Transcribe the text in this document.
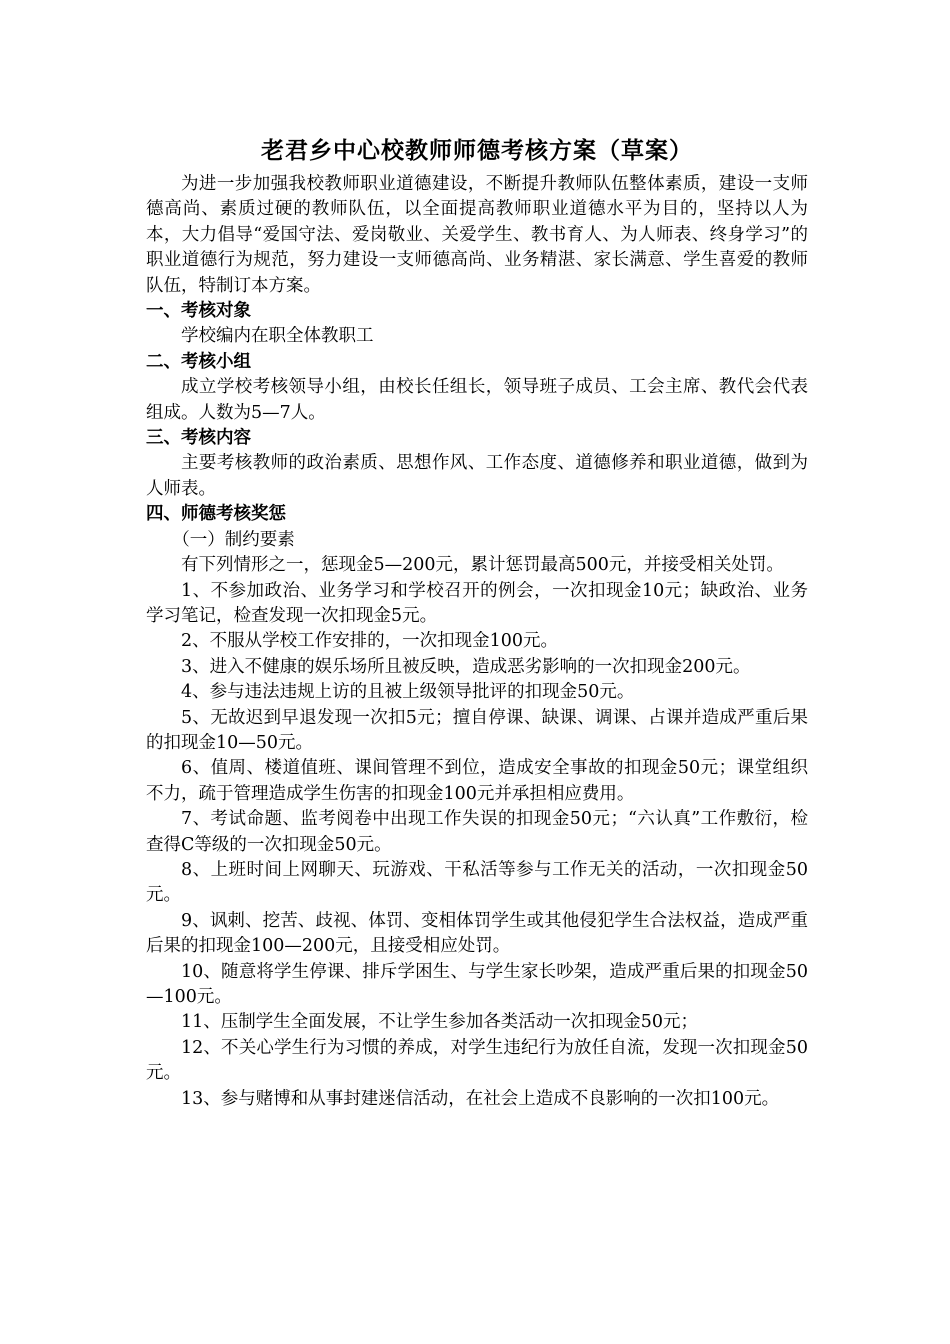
老君乡中心校教师师德考核方案（草案）

为进一步加强我校教师职业道德建设，不断提升教师队伍整体素质，建设一支师德高尚、素质过硬的教师队伍，以全面提高教师职业道德水平为目的，坚持以人为本，大力倡导“爱国守法、爱岗敬业、关爱学生、教书育人、为人师表、终身学习”的职业道德行为规范，努力建设一支师德高尚、业务精湛、家长满意、学生喜爱的教师队伍，特制订本方案。

一、考核对象

学校编内在职全体教职工

二、考核小组

成立学校考核领导小组，由校长任组长，领导班子成员、工会主席、教代会代表组成。人数为5—7人。

三、考核内容

主要考核教师的政治素质、思想作风、工作态度、道德修养和职业道德，做到为人师表。

四、师德考核奖惩

（一）制约要素

有下列情形之一，惩现金5—200元，累计惩罚最高500元，并接受相关处罚。

1、不参加政治、业务学习和学校召开的例会，一次扣现金10元；缺政治、业务学习笔记，检查发现一次扣现金5元。

2、不服从学校工作安排的，一次扣现金100元。

3、进入不健康的娱乐场所且被反映，造成恶劣影响的一次扣现金200元。

4、参与违法违规上访的且被上级领导批评的扣现金50元。

5、无故迟到早退发现一次扣5元；擅自停课、缺课、调课、占课并造成严重后果的扣现金10—50元。

6、值周、楼道值班、课间管理不到位，造成安全事故的扣现金50元；课堂组织不力，疏于管理造成学生伤害的扣现金100元并承担相应费用。

7、考试命题、监考阅卷中出现工作失误的扣现金50元；“六认真”工作敷衍，检查得C等级的一次扣现金50元。

8、上班时间上网聊天、玩游戏、干私活等参与工作无关的活动，一次扣现金50元。

9、讽刺、挖苦、歧视、体罚、变相体罚学生或其他侵犯学生合法权益，造成严重后果的扣现金100—200元，且接受相应处罚。

10、随意将学生停课、排斥学困生、与学生家长吵架，造成严重后果的扣现金50—100元。

11、压制学生全面发展，不让学生参加各类活动一次扣现金50元；

12、不关心学生行为习惯的养成，对学生违纪行为放任自流，发现一次扣现金50元。

13、参与赌博和从事封建迷信活动，在社会上造成不良影响的一次扣100元。
